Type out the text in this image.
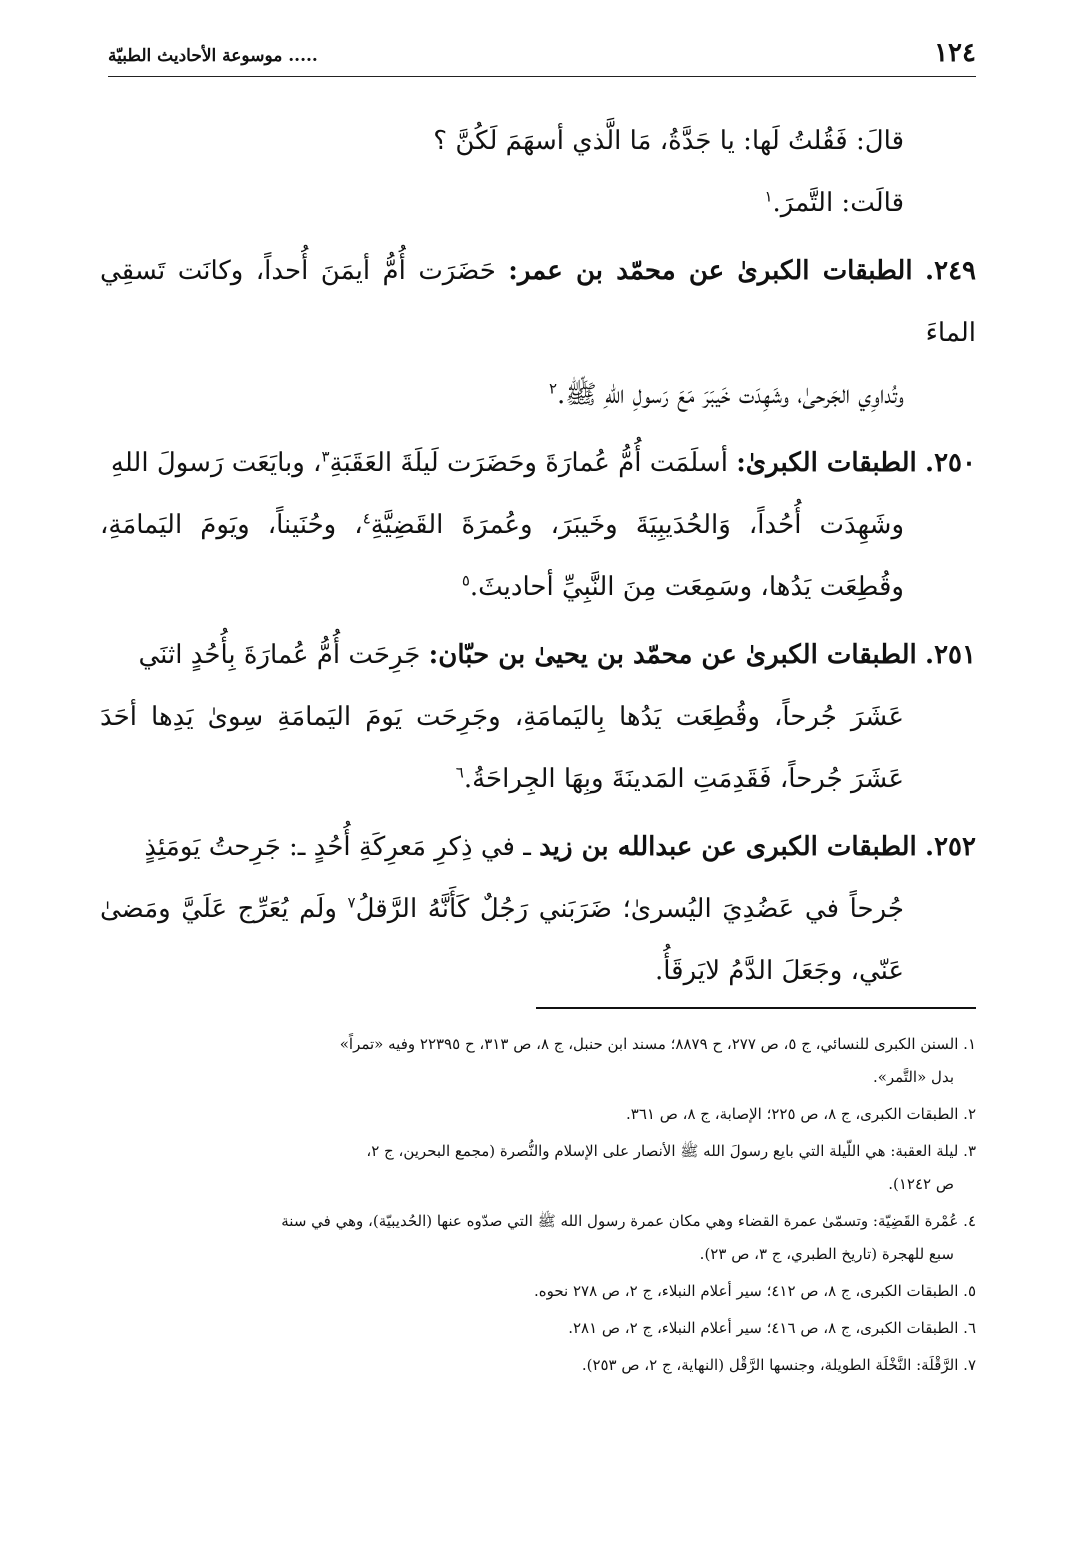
١٢٤
..... موسوعة الأحاديث الطبيّة
قالَ: فَقُلتُ لَها: يا جَدَّةُ، مَا الَّذي أسهَمَ لَكُنَّ ؟
قالَت: التَّمرَ.$^١$
٢٤٩. الطبقات الكبرىٰ عن محمّد بن عمر: حَضَرَت أُمُّ أيمَنَ أُحداً، وكانَت تَسقِي الماءَ
وتُداوِي الجَرحىٰ، وشَهِدَت خَيبَرَ مَعَ رَسولِ اللهِ ﷺ.$^٢$
٢٥٠. الطبقات الكبرىٰ: أسلَمَت أُمُّ عُمارَةَ وحَضَرَت لَيلَةَ العَقَبَةِ$^٣$، وبايَعَت رَسولَ اللهِ
وشَهِدَت أُحُداً، وَالحُدَيبِيَةَ وخَيبَرَ، وعُمرَةَ القَضِيَّةِ$^٤$، وحُنَيناً، ويَومَ اليَمامَةِ، وقُطِعَت يَدُها، وسَمِعَت مِنَ النَّبِيِّ أحاديثَ.$^٥$
٢٥١. الطبقات الكبرىٰ عن محمّد بن يحيىٰ بن حبّان: جَرِحَت أُمُّ عُمارَةَ بِأُحُدٍ اثنَي
عَشَرَ جُرحاً، وقُطِعَت يَدُها بِاليَمامَةِ، وجَرِحَت يَومَ اليَمامَةِ سِوىٰ يَدِها أحَدَ عَشَرَ جُرحاً، فَقَدِمَتِ المَدينَةَ وبِهَا الجِراحَةُ.$^٦$
٢٥٢. الطبقات الكبرى عن عبدالله بن زيد ـ في ذِكرِ مَعرِكَةِ أُحُدٍ ـ: جَرِحتُ يَومَئِذٍ
جُرحاً في عَضُدِيَ اليُسرىٰ؛ ضَرَبَني رَجُلٌ كَأَنَّهُ الرَّقلُ$^٧$ ولَم يُعَرِّج عَلَيَّ ومَضىٰ عَنّي، وجَعَلَ الدَّمُ لايَرقَأُ.
١. السنن الكبرى للنسائي، ج ٥، ص ٢٧٧، ح ٨٨٧٩؛ مسند ابن حنبل، ج ٨، ص ٣١٣، ح ٢٢٣٩٥ وفيه «تمراً»
بدل «التَّمر».
٢. الطبقات الكبرى، ج ٨، ص ٢٢٥؛ الإصابة، ج ٨، ص ٣٦١.
٣. ليلة العقبة: هي اللّيلة التي بايع رسولَ الله ﷺ الأنصار على الإسلام والنُّصرة (مجمع البحرين، ج ٢،
ص ١٢٤٢).
٤. عُمْرة القَضِيّة: وتسمّىٰ عمرة القضاء وهي مكان عمرة رسول الله ﷺ التي صدّوه عنها (الحُديبيّة)، وهي في سنة
سبع للهجرة (تاريخ الطبري، ج ٣، ص ٢٣).
٥. الطبقات الكبرى، ج ٨، ص ٤١٢؛ سير أعلام النبلاء، ج ٢، ص ٢٧٨ نحوه.
٦. الطبقات الكبرى، ج ٨، ص ٤١٦؛ سير أعلام النبلاء، ج ٢، ص ٢٨١.
٧. الرَّقْلَة: النَّخْلَة الطويلة، وجنسها الرَّقْل (النهاية، ج ٢، ص ٢٥٣).
